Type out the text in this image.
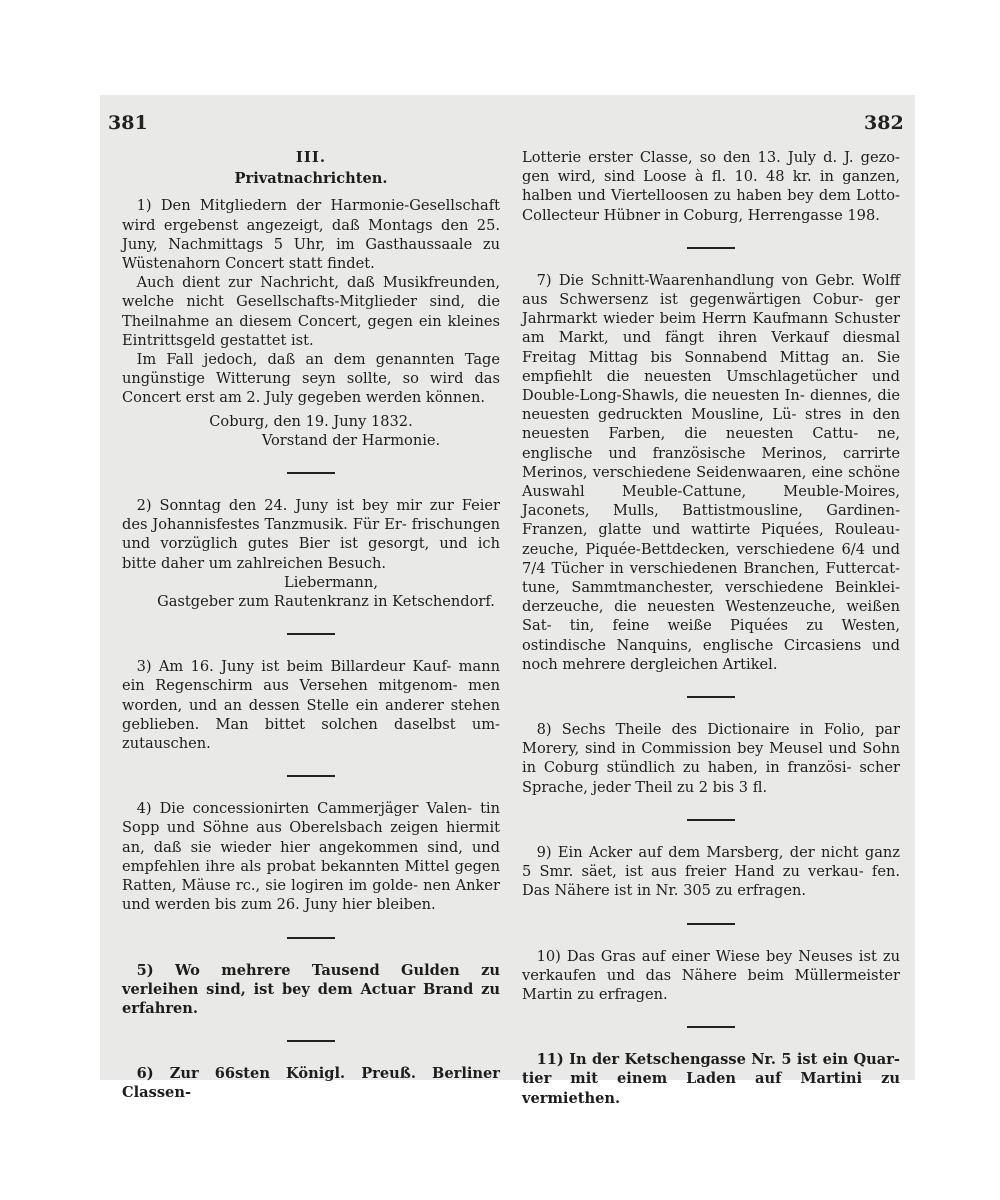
381	382

III.

Privatnachrichten.

1) Den Mitgliedern der Harmonie-Gesellschaft wird ergebenst angezeigt, daß Montags den 25. Juny, Nachmittags 5 Uhr, im Gasthaussaale zu Wüstenahorn Concert statt findet.
Auch dient zur Nachricht, daß Musikfreunden, welche nicht Gesellschafts-Mitglieder sind, die Theilnahme an diesem Concert, gegen ein kleines Eintrittsgeld gestattet ist.
Im Fall jedoch, daß an dem genannten Tage ungünstige Witterung seyn sollte, so wird das Concert erst am 2. July gegeben werden können.

Coburg, den 19. Juny 1832.

Vorstand der Harmonie.

2) Sonntag den 24. Juny ist bey mir zur Feier des Johannisfestes Tanzmusik. Für Er- frischungen und vorzüglich gutes Bier ist gesorgt, und ich bitte daher um zahlreichen Besuch.

Liebermann,

Gastgeber zum Rautenkranz in Ketschendorf.

3) Am 16. Juny ist beim Billardeur Kauf- mann ein Regenschirm aus Versehen mitgenom- men worden, und an dessen Stelle ein anderer stehen geblieben. Man bittet solchen daselbst um- zutauschen.
4) Die concessionirten Cammerjäger Valen- tin Sopp und Söhne aus Oberelsbach zeigen hiermit an, daß sie wieder hier angekommen sind, und empfehlen ihre als probat bekannten Mittel gegen Ratten, Mäuse rc., sie logiren im golde- nen Anker und werden bis zum 26. Juny hier bleiben.
5) Wo mehrere Tausend Gulden zu verleihen sind, ist bey dem Actuar Brand zu erfahren.
6) Zur 66sten Königl. Preuß. Berliner Classen-
Lotterie erster Classe, so den 13. July d. J. gezo- gen wird, sind Loose à fl. 10. 48 kr. in ganzen, halben und Viertelloosen zu haben bey dem Lotto- Collecteur Hübner in Coburg, Herrengasse 198.
7) Die Schnitt-Waarenhandlung von Gebr. Wolff aus Schwersenz ist gegenwärtigen Cobur- ger Jahrmarkt wieder beim Herrn Kaufmann Schuster am Markt, und fängt ihren Verkauf diesmal Freitag Mittag bis Sonnabend Mittag an. Sie empfiehlt die neuesten Umschlagetücher und Double-Long-Shawls, die neuesten In- diennes, die neuesten gedruckten Mousline, Lü- stres in den neuesten Farben, die neuesten Cattu- ne, englische und französische Merinos, carrirte Merinos, verschiedene Seidenwaaren, eine schöne Auswahl Meuble-Cattune, Meuble-Moires, Jaconets, Mulls, Battistmousline, Gardinen- Franzen, glatte und wattirte Piquées, Rouleau- zeuche, Piquée-Bettdecken, verschiedene 6/4 und 7/4 Tücher in verschiedenen Branchen, Futtercat- tune, Sammtmanchester, verschiedene Beinklei- derzeuche, die neuesten Westenzeuche, weißen Sat- tin, feine weiße Piquées zu Westen, ostindische Nanquins, englische Circasiens und noch mehrere dergleichen Artikel.
8) Sechs Theile des Dictionaire in Folio, par Morery, sind in Commission bey Meusel und Sohn in Coburg stündlich zu haben, in französi- scher Sprache, jeder Theil zu 2 bis 3 fl.
9) Ein Acker auf dem Marsberg, der nicht ganz 5 Smr. säet, ist aus freier Hand zu verkau- fen. Das Nähere ist in Nr. 305 zu erfragen.
10) Das Gras auf einer Wiese bey Neuses ist zu verkaufen und das Nähere beim Müllermeister Martin zu erfragen.
11) In der Ketschengasse Nr. 5 ist ein Quar- tier mit einem Laden auf Martini zu vermiethen.
